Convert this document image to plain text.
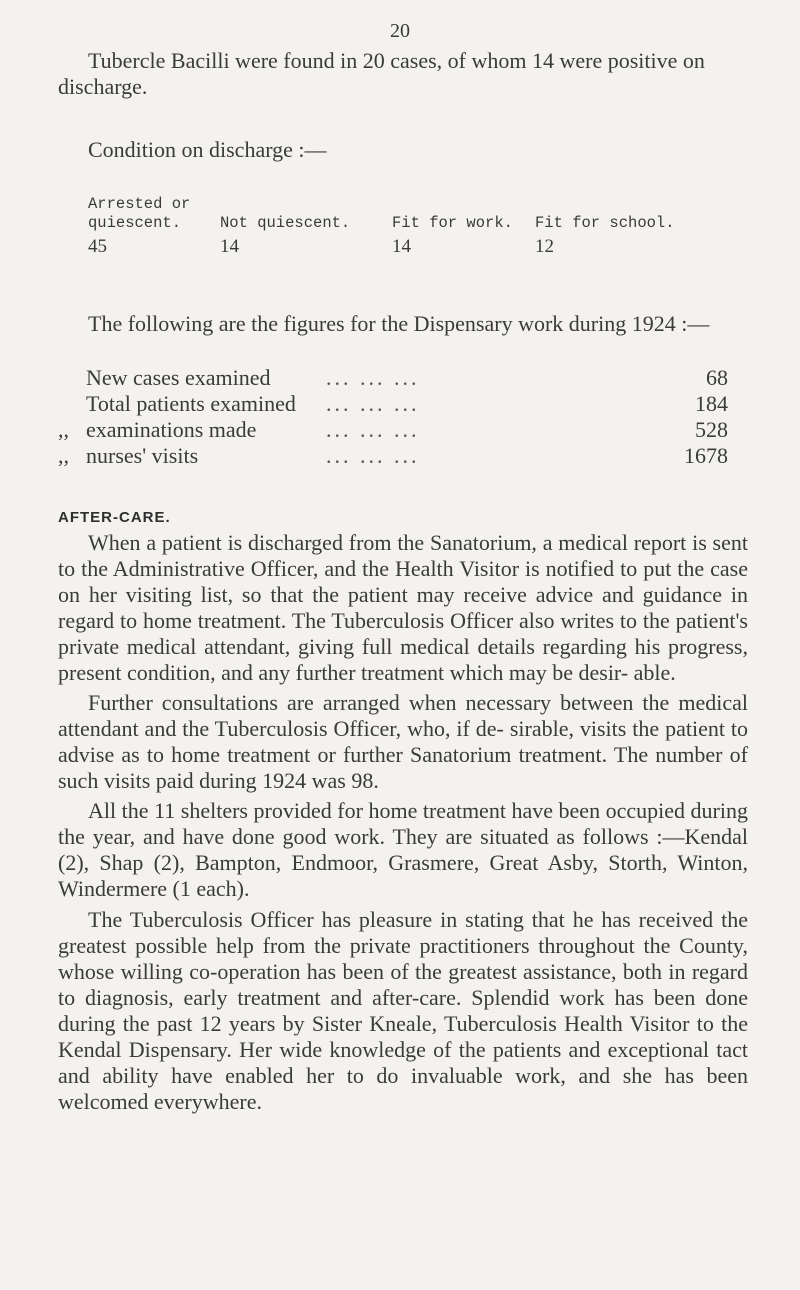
20

Tubercle Bacilli were found in 20 cases, of whom 14 were positive on discharge.

Condition on discharge :—

Arrested or
quiescent.	Not quiescent.	Fit for work.	Fit for school.
45	14	14	12

The following are the figures for the Dispensary work during 1924 :—

New cases examined	... ... ...	68
Total patients examined	... ... ...	184
,, examinations made	... ... ...	528
,, nurses' visits	... ... ...	1678
AFTER-CARE.

When a patient is discharged from the Sanatorium, a medical report is sent to the Administrative Officer, and the Health Visitor is notified to put the case on her visiting list, so that the patient may receive advice and guidance in regard to home treatment. The Tuberculosis Officer also writes to the patient's private medical attendant, giving full medical details regarding his progress, present condition, and any further treatment which may be desir- able.

Further consultations are arranged when necessary between the medical attendant and the Tuberculosis Officer, who, if de- sirable, visits the patient to advise as to home treatment or further Sanatorium treatment. The number of such visits paid during 1924 was 98.

All the 11 shelters provided for home treatment have been occupied during the year, and have done good work. They are situated as follows :—Kendal (2), Shap (2), Bampton, Endmoor, Grasmere, Great Asby, Storth, Winton, Windermere (1 each).

The Tuberculosis Officer has pleasure in stating that he has received the greatest possible help from the private practitioners throughout the County, whose willing co-operation has been of the greatest assistance, both in regard to diagnosis, early treatment and after-care. Splendid work has been done during the past 12 years by Sister Kneale, Tuberculosis Health Visitor to the Kendal Dispensary. Her wide knowledge of the patients and exceptional tact and ability have enabled her to do invaluable work, and she has been welcomed everywhere.
